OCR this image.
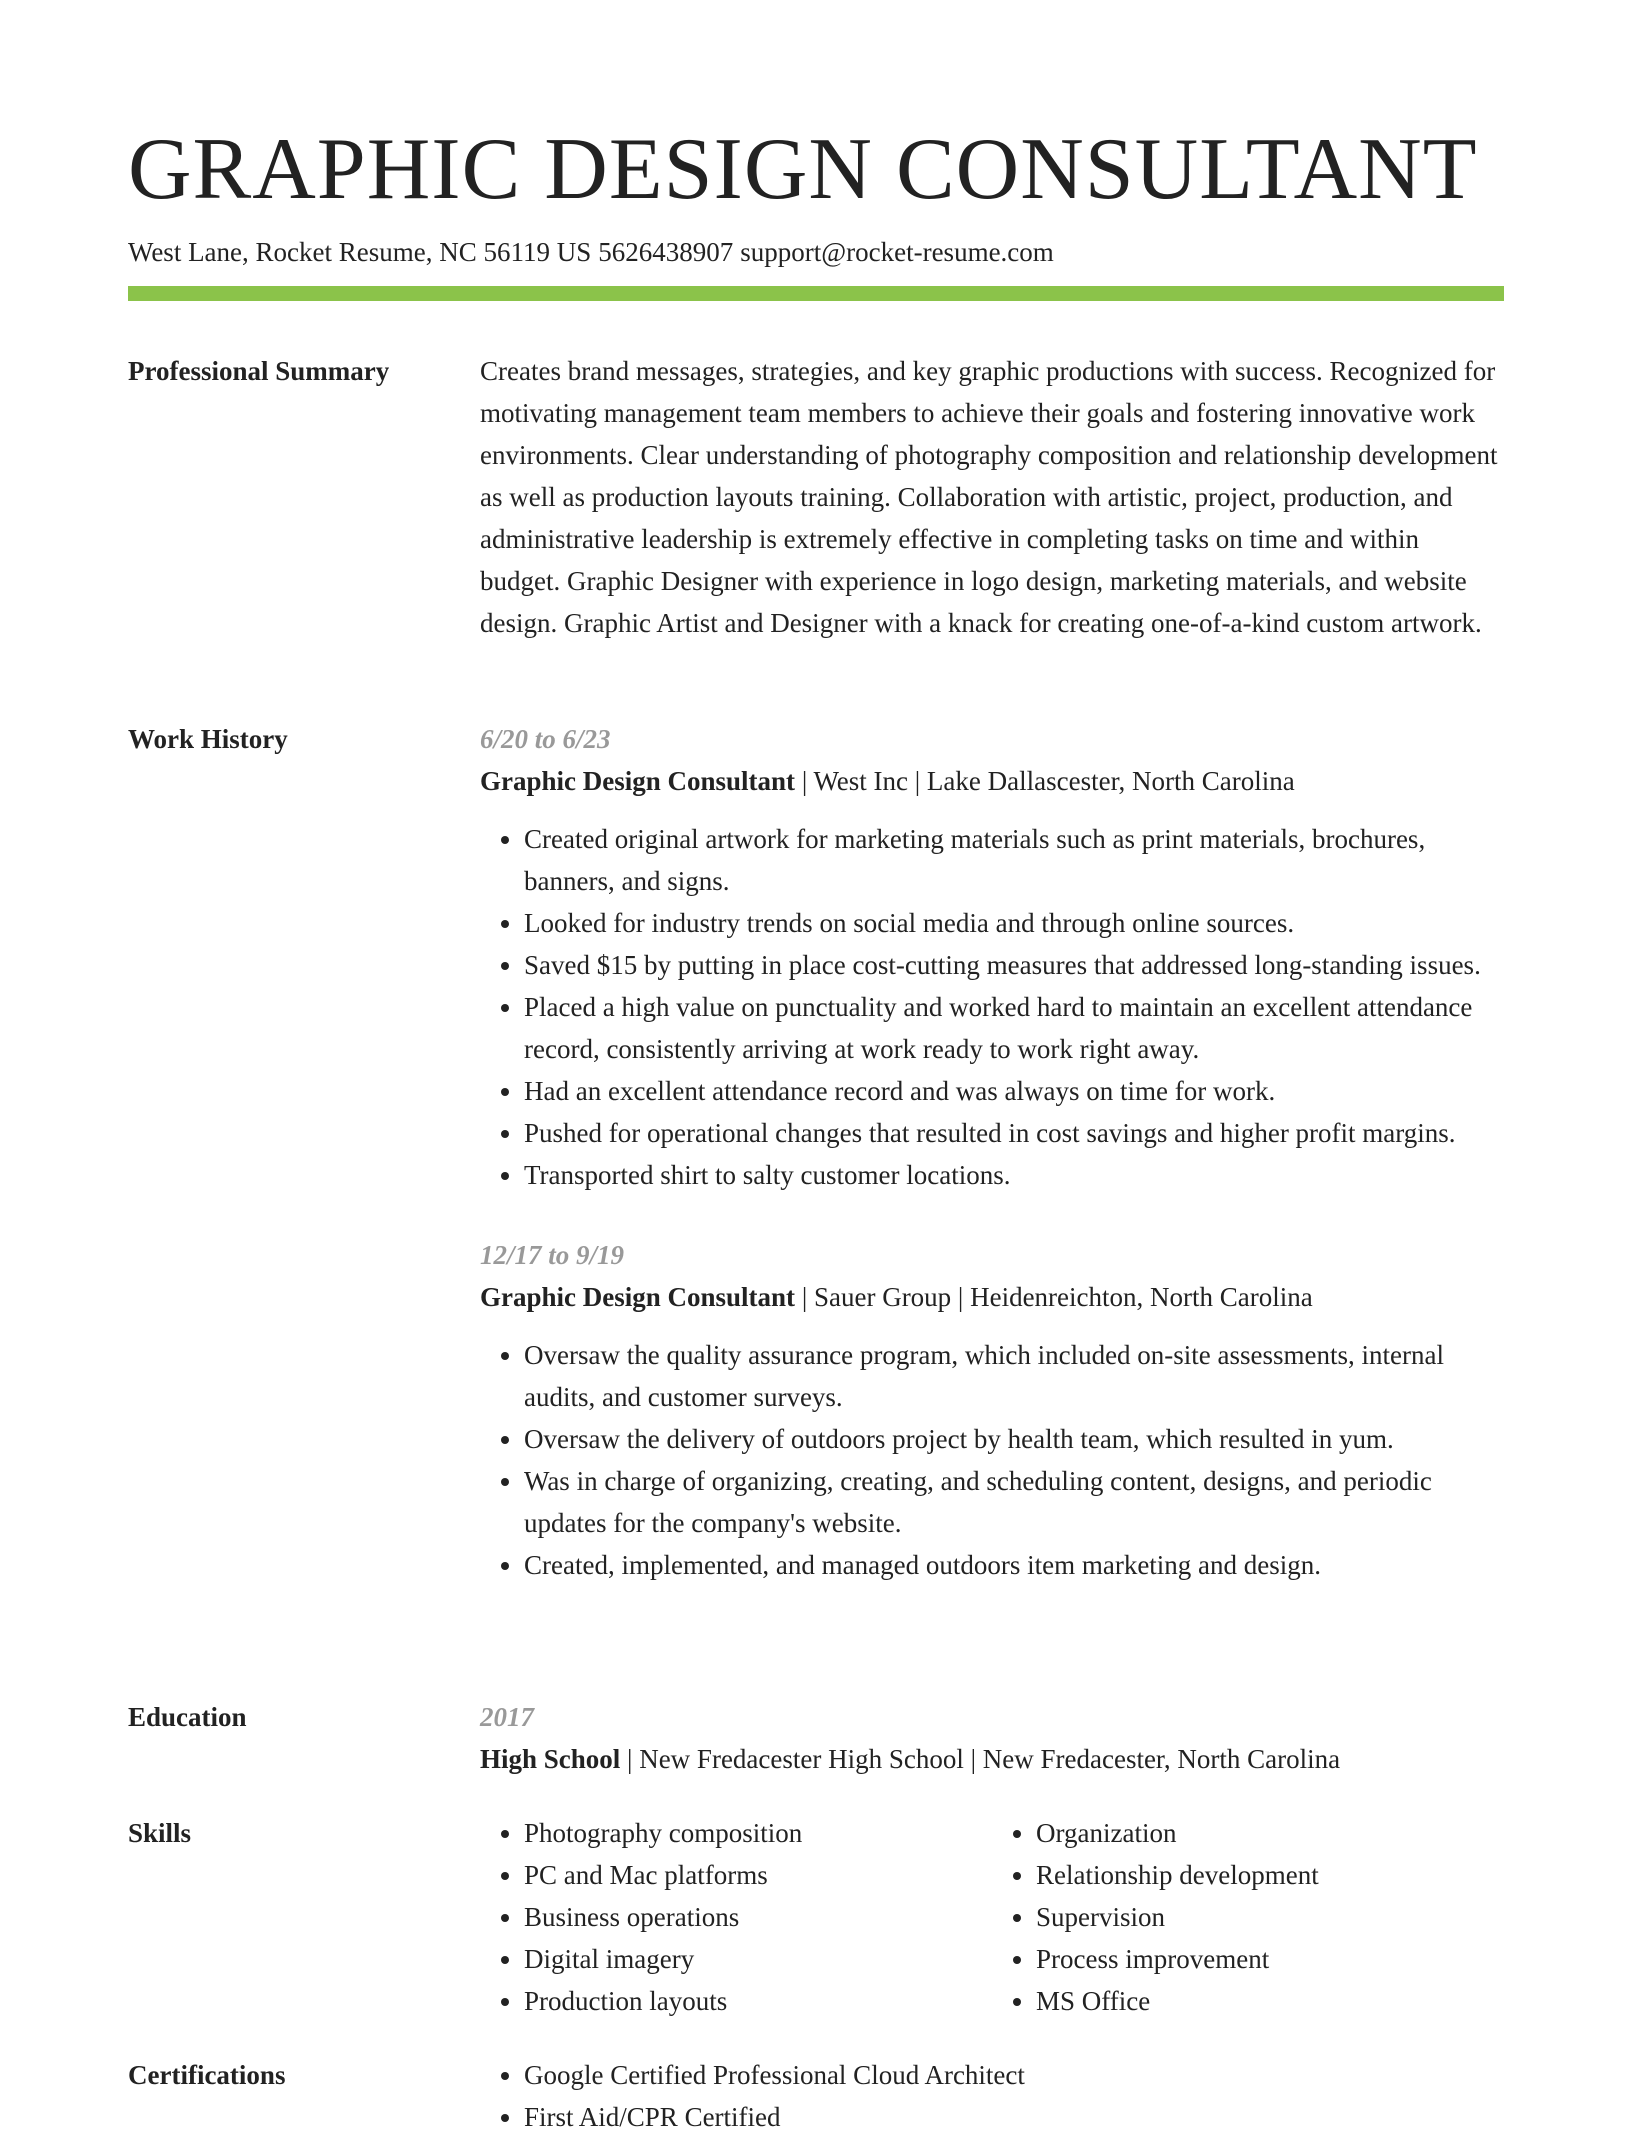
GRAPHIC DESIGN CONSULTANT
West Lane, Rocket Resume, NC 56119 US 5626438907 support@rocket-resume.com
Professional Summary	Creates brand messages, strategies, and key graphic productions with success. Recognized for motivating management team members to achieve their goals and fostering innovative work environments. Clear understanding of photography composition and relationship development as well as production layouts training. Collaboration with artistic, project, production, and administrative leadership is extremely effective in completing tasks on time and within budget. Graphic Designer with experience in logo design, marketing materials, and website design. Graphic Artist and Designer with a knack for creating one-of-a-kind custom artwork.

Work History	6/20 to 6/23

Graphic Design Consultant | West Inc | Lake Dallascester, North Carolina

• Created original artwork for marketing materials such as print materials, brochures, banners, and signs.
• Looked for industry trends on social media and through online sources.
• Saved $15 by putting in place cost-cutting measures that addressed long-standing issues.
• Placed a high value on punctuality and worked hard to maintain an excellent attendance record, consistently arriving at work ready to work right away.
• Had an excellent attendance record and was always on time for work.
• Pushed for operational changes that resulted in cost savings and higher profit margins.
• Transported shirt to salty customer locations.
12/17 to 9/19

Graphic Design Consultant | Sauer Group | Heidenreichton, North Carolina

• Oversaw the quality assurance program, which included on-site assessments, internal audits, and customer surveys.
• Oversaw the delivery of outdoors project by health team, which resulted in yum.
• Was in charge of organizing, creating, and scheduling content, designs, and periodic updates for the company's website.
• Created, implemented, and managed outdoors item marketing and design.
Education	2017

High School | New Fredacester High School | New Fredacester, North Carolina

Skills	• Photography composition
• PC and Mac platforms
• Business operations
• Digital imagery
• Production layouts
• Organization
• Relationship development
• Supervision
• Process improvement
• MS Office
Certifications	• Google Certified Professional Cloud Architect
• First Aid/CPR Certified
